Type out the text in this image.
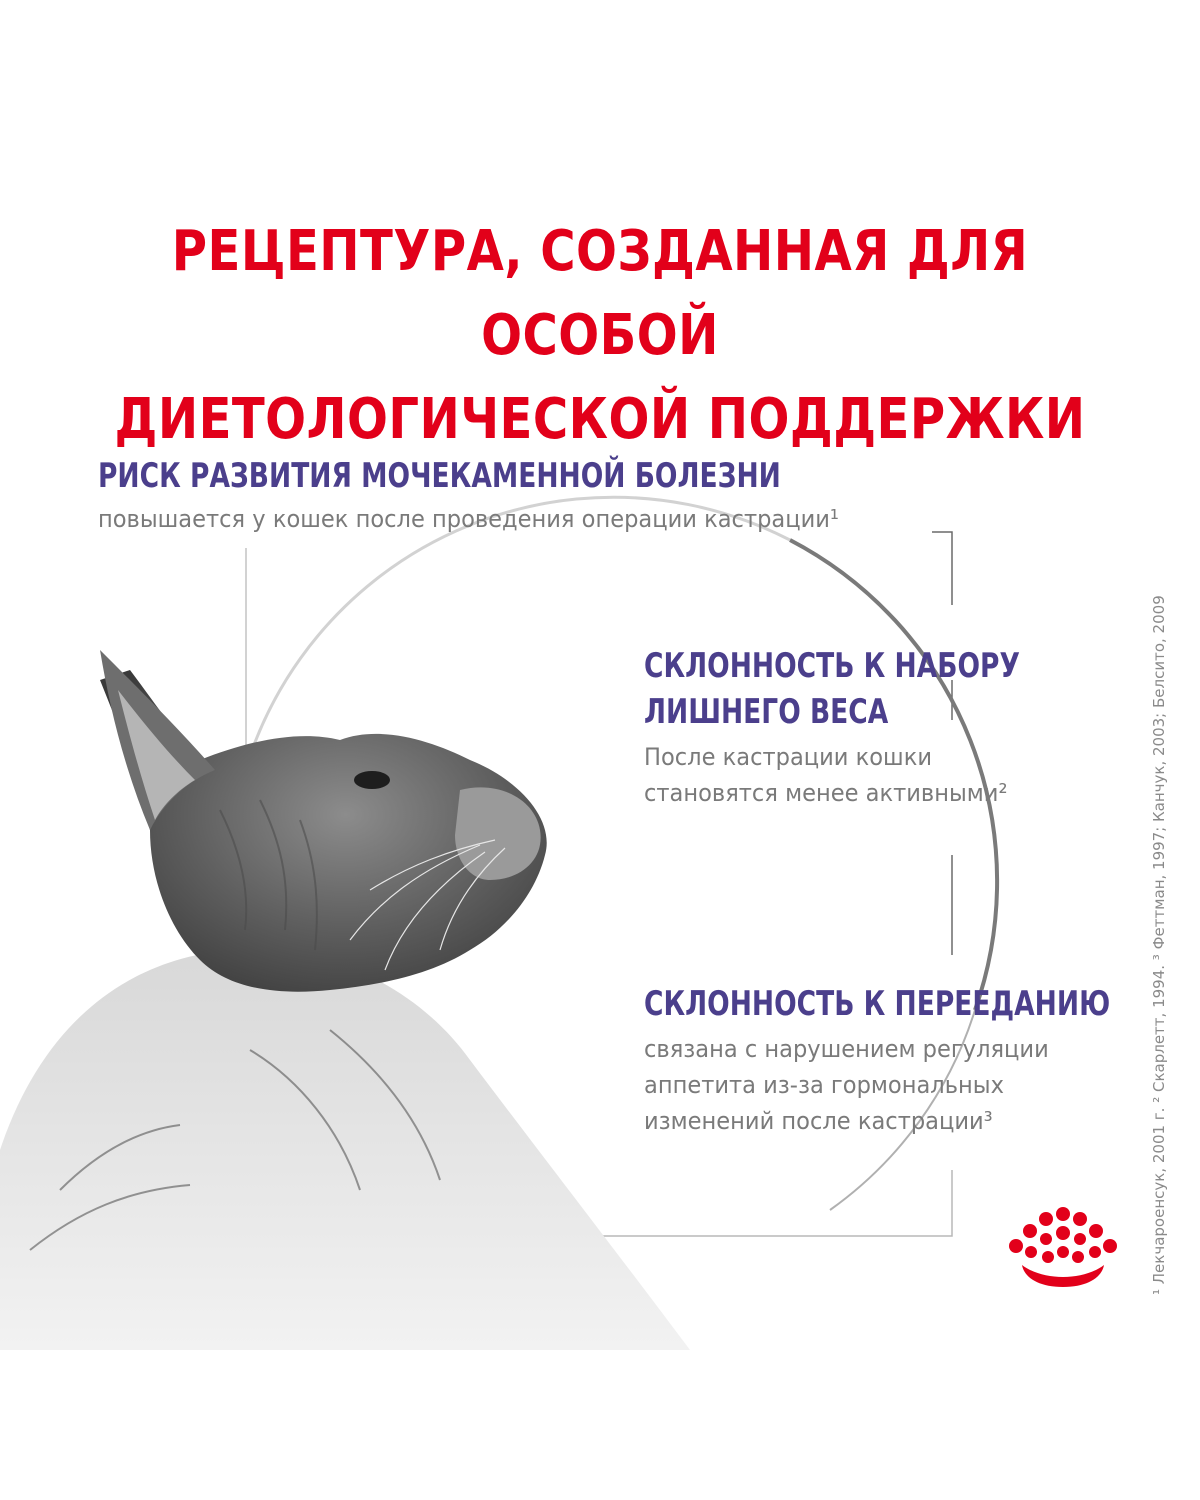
РЕЦЕПТУРА, СОЗДАННАЯ ДЛЯ ОСОБОЙ
ДИЕТОЛОГИЧЕСКОЙ ПОДДЕРЖКИ
РИСК РАЗВИТИЯ МОЧЕКАМЕННОЙ БОЛЕЗНИ
повышается у кошек после проведения операции кастрации¹
СКЛОННОСТЬ К НАБОРУ
ЛИШНЕГО ВЕСА
После кастрации кошки
становятся менее активными²
СКЛОННОСТЬ К ПЕРЕЕДАНИЮ
связана с нарушением регуляции
аппетита из-за гормональных
изменений после кастрации³	¹ Лекчароенсук, 2001 г. ² Скарлетт, 1994. ³ Феттман, 1997; Канчук, 2003; Белсито, 2009
